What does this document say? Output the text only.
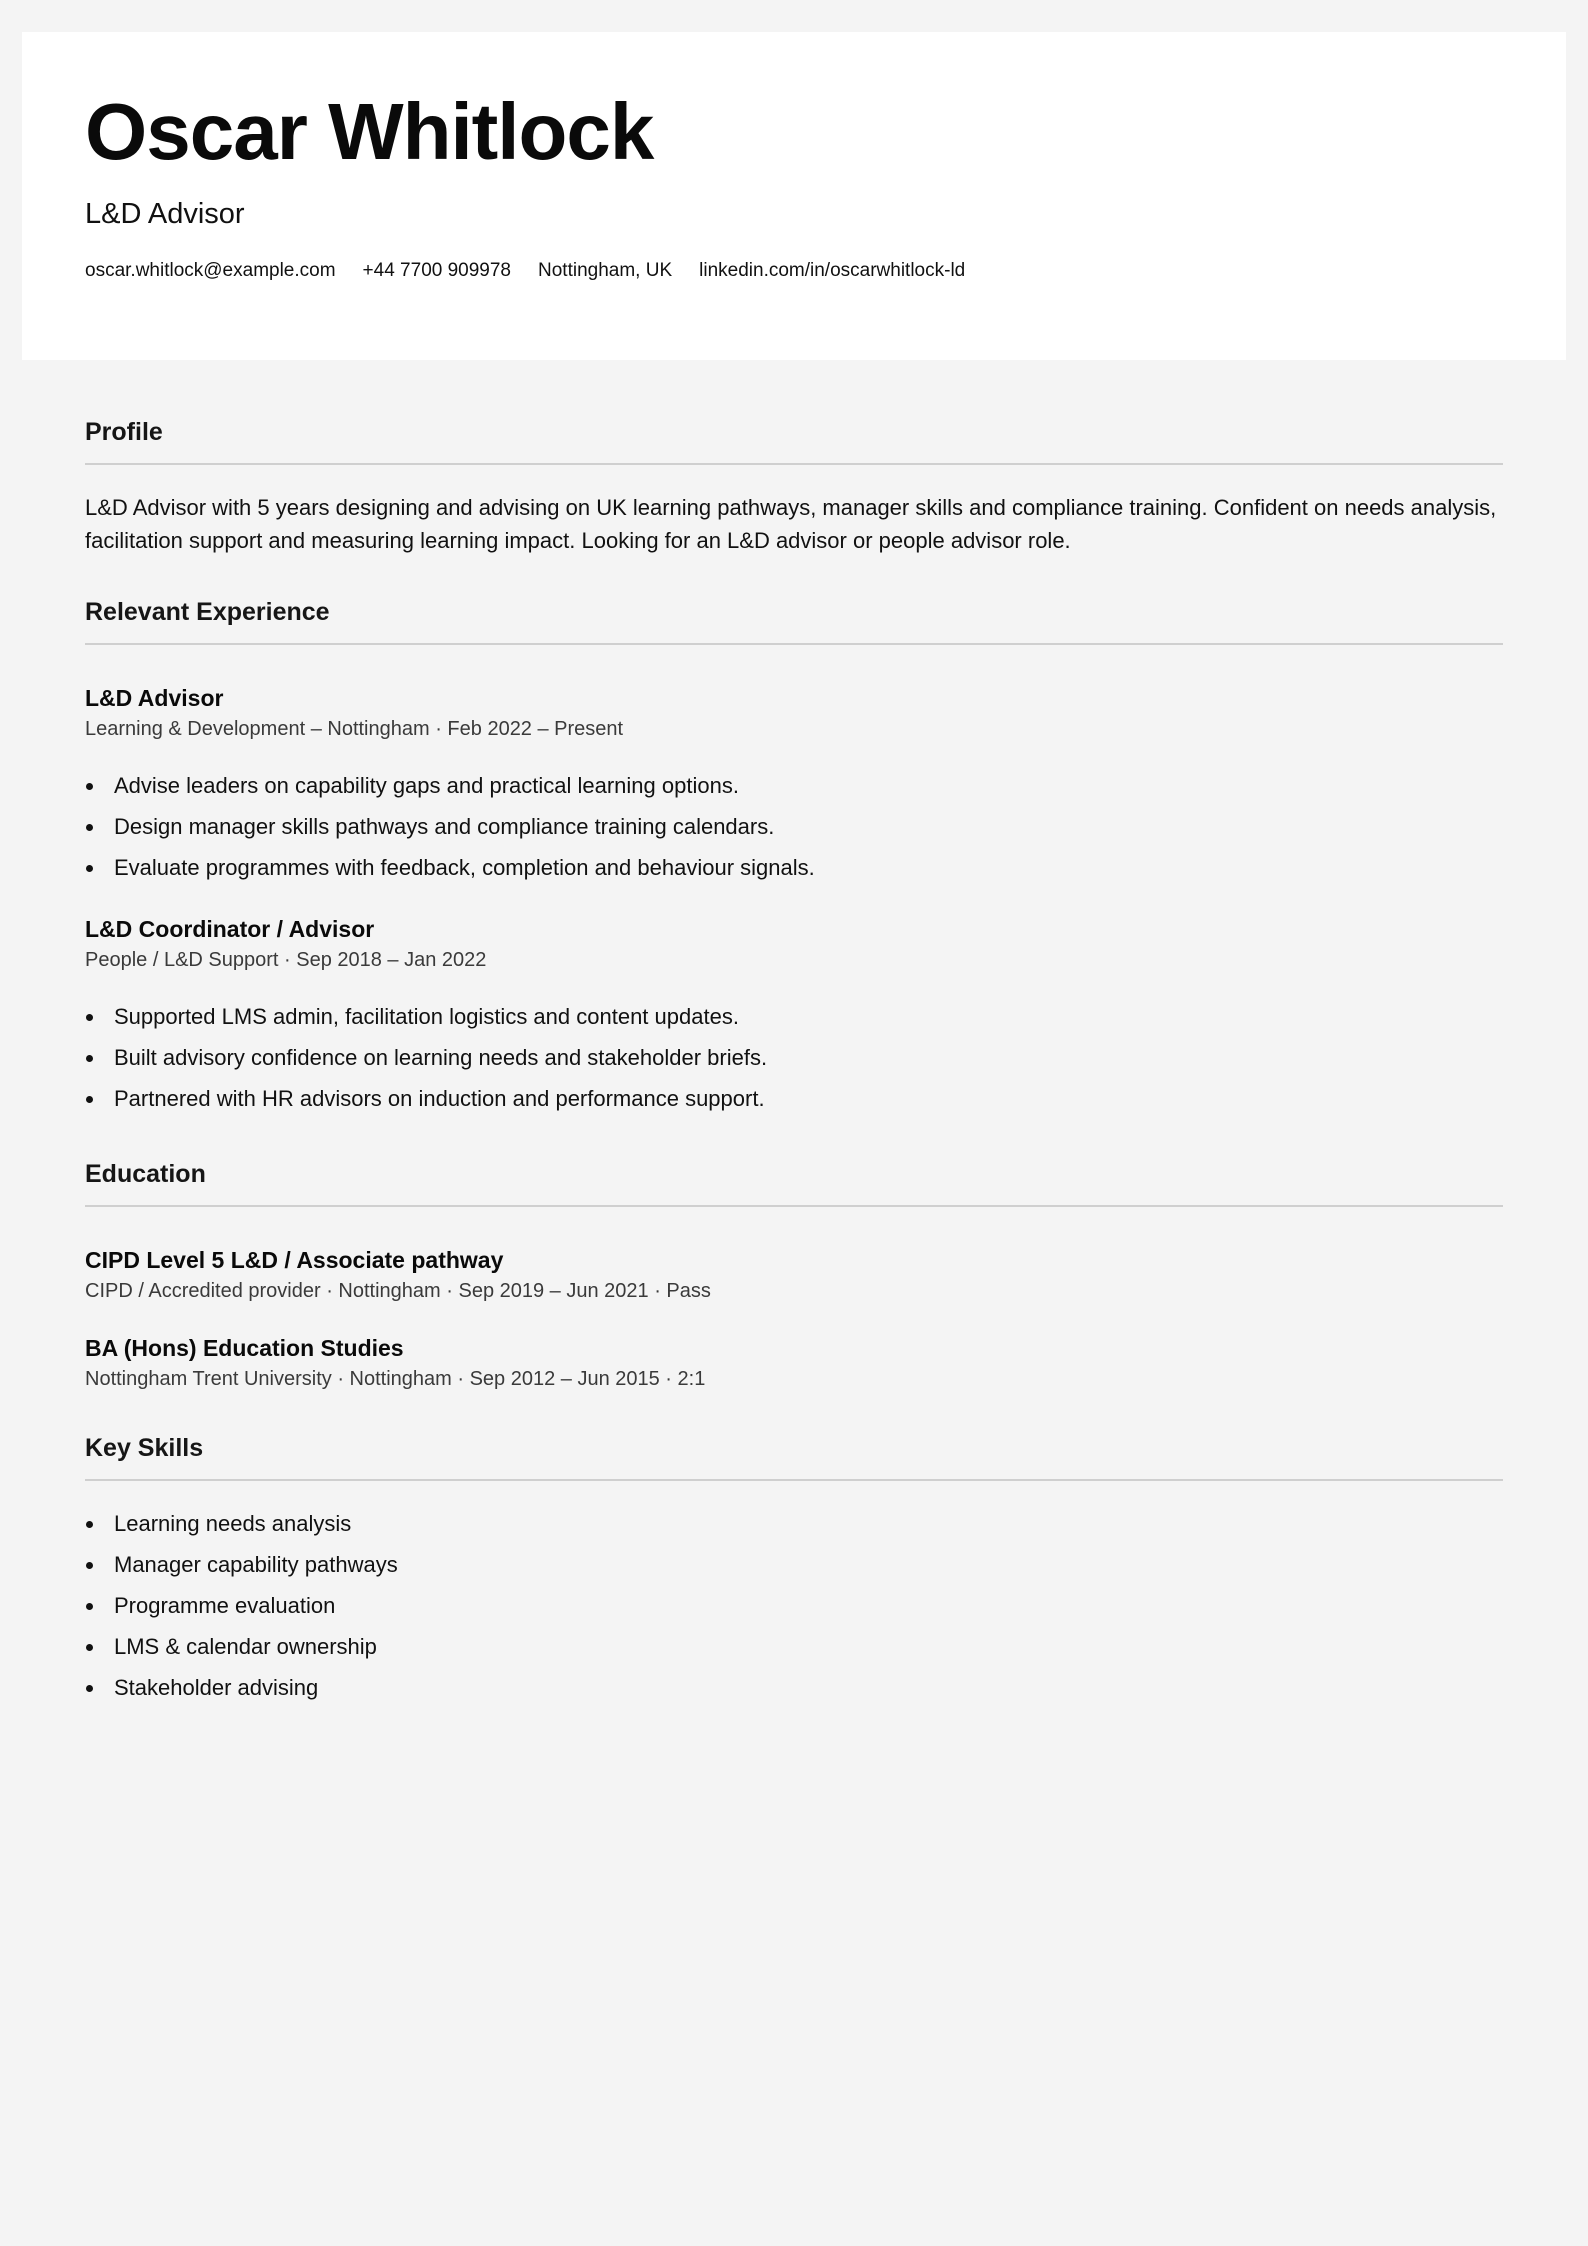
Oscar Whitlock

L&D Advisor

oscar.whitlock@example.com +44 7700 909978 Nottingham, UK linkedin.com/in/oscarwhitlock-ld
Profile

L&D Advisor with 5 years designing and advising on UK learning pathways, manager skills and compliance training. Confident on needs analysis, facilitation support and measuring learning impact. Looking for an L&D advisor or people advisor role.

Relevant Experience

L&D Advisor

Learning & Development – Nottingham · Feb 2022 – Present

Advise leaders on capability gaps and practical learning options.
Design manager skills pathways and compliance training calendars.
Evaluate programmes with feedback, completion and behaviour signals.

L&D Coordinator / Advisor

People / L&D Support · Sep 2018 – Jan 2022

Supported LMS admin, facilitation logistics and content updates.
Built advisory confidence on learning needs and stakeholder briefs.
Partnered with HR advisors on induction and performance support.
Education

CIPD Level 5 L&D / Associate pathway

CIPD / Accredited provider · Nottingham · Sep 2019 – Jun 2021 · Pass

BA (Hons) Education Studies

Nottingham Trent University · Nottingham · Sep 2012 – Jun 2015 · 2:1

Key Skills
Learning needs analysis
Manager capability pathways
Programme evaluation
LMS & calendar ownership
Stakeholder advising
